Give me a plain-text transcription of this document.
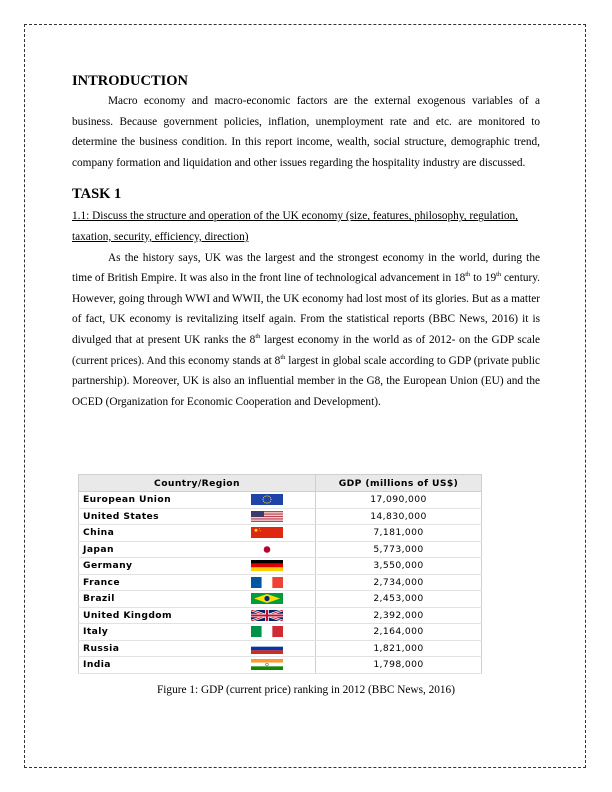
INTRODUCTION

Macro economy and macro-economic factors are the external exogenous variables of a business. Because government policies, inflation, unemployment rate and etc. are monitored to determine the business condition. In this report income, wealth, social structure, demographic trend, company formation and liquidation and other issues regarding the hospitality industry are discussed.

TASK 1
1.1: Discuss the structure and operation of the UK economy (size, features, philosophy, regulation, taxation, security, efficiency, direction)

As the history says, UK was the largest and the strongest economy in the world, during the time of British Empire. It was also in the front line of technological advancement in 18th to 19th century. However, going through WWI and WWII, the UK economy had lost most of its glories. But as a matter of fact, UK economy is revitalizing itself again. From the statistical reports (BBC News, 2016) it is divulged that at present UK ranks the 8th largest economy in the world as of 2012- on the GDP scale (current prices). And this economy stands at 8th largest in global scale according to GDP (private public partnership). Moreover, UK is also an influential member in the G8, the European Union (EU) and the OCED (Organization for Economic Cooperation and Development).

Country/Region		GDP (millions of US$)
European Union		17,090,000
United States		14,830,000
China		7,181,000
Japan		5,773,000
Germany		3,550,000
France		2,734,000
Brazil		2,453,000
United Kingdom		2,392,000
Italy		2,164,000
Russia		1,821,000
India		1,798,000
Figure 1: GDP (current price) ranking in 2012 (BBC News, 2016)
